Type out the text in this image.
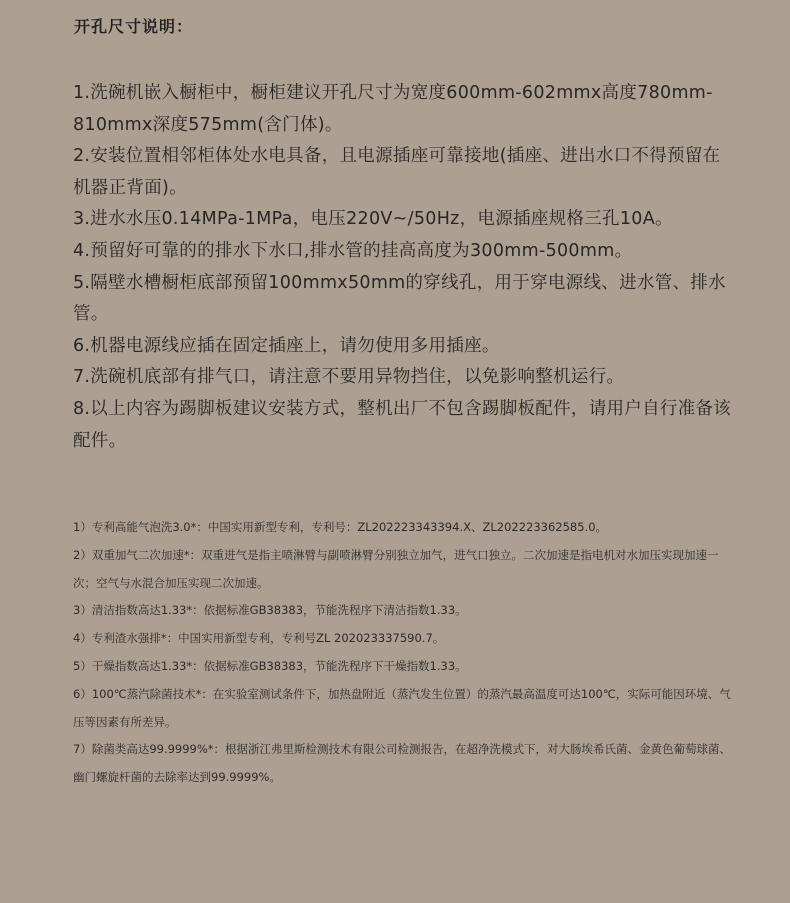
开孔尺寸说明：
1.洗碗机嵌入橱柜中，橱柜建议开孔尺寸为宽度600mm-602mmx高度780mm-810mmx深度575mm(含门体)。
2.安装位置相邻柜体处水电具备，且电源插座可靠接地(插座、进出水口不得预留在机器正背面)。
3.进水水压0.14MPa-1MPa，电压220V~/50Hz，电源插座规格三孔10A。
4.预留好可靠的的排水下水口,排水管的挂高高度为300mm-500mm。
5.隔壁水槽橱柜底部预留100mmx50mm的穿线孔，用于穿电源线、进水管、排水管。
6.机器电源线应插在固定插座上，请勿使用多用插座。
7.洗碗机底部有排气口，请注意不要用异物挡住，以免影响整机运行。
8.以上内容为踢脚板建议安装方式，整机出厂不包含踢脚板配件，请用户自行准备该配件。
1）专利高能气泡洗3.0*：中国实用新型专利，专利号：ZL202223343394.X、ZL202223362585.0。
2）双重加气二次加速*：双重进气是指主喷淋臂与副喷淋臂分别独立加气，进气口独立。二次加速是指电机对水加压实现加速一次；空气与水混合加压实现二次加速。
3）清洁指数高达1.33*：依据标准GB38383，节能洗程序下清洁指数1.33。
4）专利渣水强排*：中国实用新型专利，专利号ZL 202023337590.7。
5）干燥指数高达1.33*：依据标准GB38383，节能洗程序下干燥指数1.33。
6）100℃蒸汽除菌技术*：在实验室测试条件下，加热盘附近（蒸汽发生位置）的蒸汽最高温度可达100℃，实际可能因环境、气压等因素有所差异。
7）除菌类高达99.9999%*：根据浙江弗里斯检测技术有限公司检测报告，在超净洗模式下，对大肠埃希氏菌、金黄色葡萄球菌、幽门螺旋杆菌的去除率达到99.9999%。
